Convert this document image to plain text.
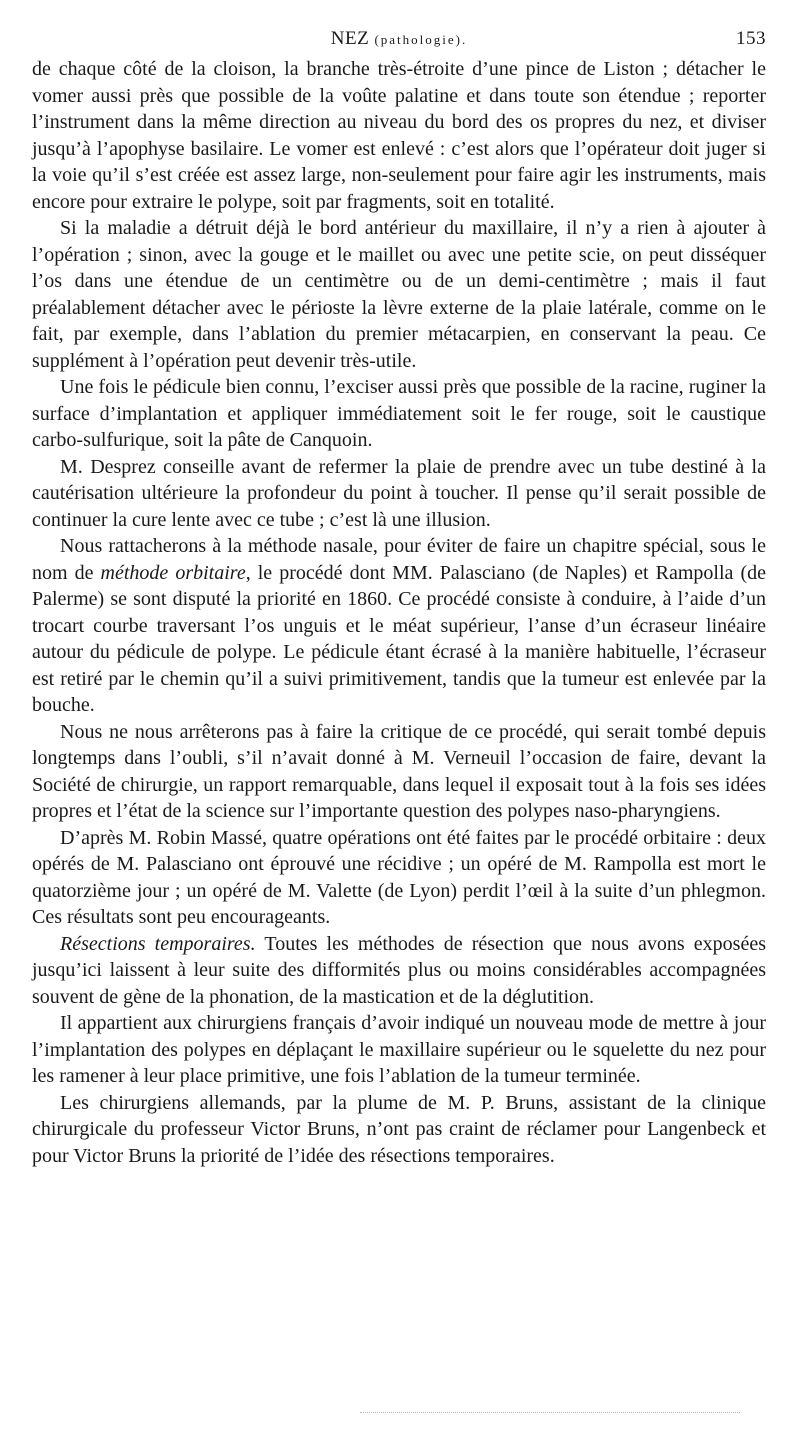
NEZ (pathologie).	153

de chaque côté de la cloison, la branche très-étroite d’une pince de Liston ; détacher le vomer aussi près que possible de la voûte palatine et dans toute son étendue ; reporter l’instrument dans la même direction au niveau du bord des os propres du nez, et diviser jusqu’à l’apophyse basilaire. Le vomer est enlevé : c’est alors que l’opérateur doit juger si la voie qu’il s’est créée est assez large, non-seulement pour faire agir les instruments, mais encore pour extraire le polype, soit par fragments, soit en totalité.

Si la maladie a détruit déjà le bord antérieur du maxillaire, il n’y a rien à ajouter à l’opération ; sinon, avec la gouge et le maillet ou avec une petite scie, on peut disséquer l’os dans une étendue de un centimètre ou de un demi-centimètre ; mais il faut préalablement détacher avec le périoste la lèvre externe de la plaie latérale, comme on le fait, par exemple, dans l’ablation du premier métacarpien, en conservant la peau. Ce supplément à l’opération peut devenir très-utile.

Une fois le pédicule bien connu, l’exciser aussi près que possible de la racine, ruginer la surface d’implantation et appliquer immédiatement soit le fer rouge, soit le caustique carbo-sulfurique, soit la pâte de Canquoin.

M. Desprez conseille avant de refermer la plaie de prendre avec un tube destiné à la cautérisation ultérieure la profondeur du point à toucher. Il pense qu’il serait possible de continuer la cure lente avec ce tube ; c’est là une illusion.

Nous rattacherons à la méthode nasale, pour éviter de faire un chapitre spécial, sous le nom de méthode orbitaire, le procédé dont MM. Palasciano (de Naples) et Rampolla (de Palerme) se sont disputé la priorité en 1860. Ce procédé consiste à conduire, à l’aide d’un trocart courbe traversant l’os unguis et le méat supérieur, l’anse d’un écraseur linéaire autour du pédicule de polype. Le pédicule étant écrasé à la manière habituelle, l’écraseur est retiré par le chemin qu’il a suivi primitivement, tandis que la tumeur est enlevée par la bouche.

Nous ne nous arrêterons pas à faire la critique de ce procédé, qui serait tombé depuis longtemps dans l’oubli, s’il n’avait donné à M. Verneuil l’occasion de faire, devant la Société de chirurgie, un rapport remarquable, dans lequel il exposait tout à la fois ses idées propres et l’état de la science sur l’importante question des polypes naso-pharyngiens.

D’après M. Robin Massé, quatre opérations ont été faites par le procédé orbitaire : deux opérés de M. Palasciano ont éprouvé une récidive ; un opéré de M. Rampolla est mort le quatorzième jour ; un opéré de M. Valette (de Lyon) perdit l’œil à la suite d’un phlegmon. Ces résultats sont peu encourageants.

Résections temporaires. Toutes les méthodes de résection que nous avons exposées jusqu’ici laissent à leur suite des difformités plus ou moins considérables accompagnées souvent de gène de la phonation, de la mastication et de la déglutition.

Il appartient aux chirurgiens français d’avoir indiqué un nouveau mode de mettre à jour l’implantation des polypes en déplaçant le maxillaire supérieur ou le squelette du nez pour les ramener à leur place primitive, une fois l’ablation de la tumeur terminée.

Les chirurgiens allemands, par la plume de M. P. Bruns, assistant de la clinique chirurgicale du professeur Victor Bruns, n’ont pas craint de réclamer pour Langenbeck et pour Victor Bruns la priorité de l’idée des résections temporaires.
